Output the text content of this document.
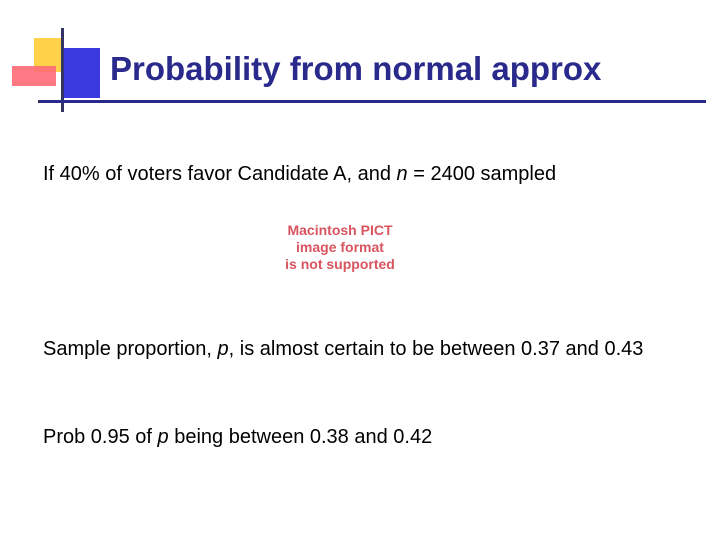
Probability from normal approx

If 40% of voters favor Candidate A, and n = 2400 sampled

Macintosh PICT
image format
is not supported

Sample proportion, p, is almost certain to be between 0.37 and 0.43

Prob 0.95 of p being between 0.38 and 0.42
